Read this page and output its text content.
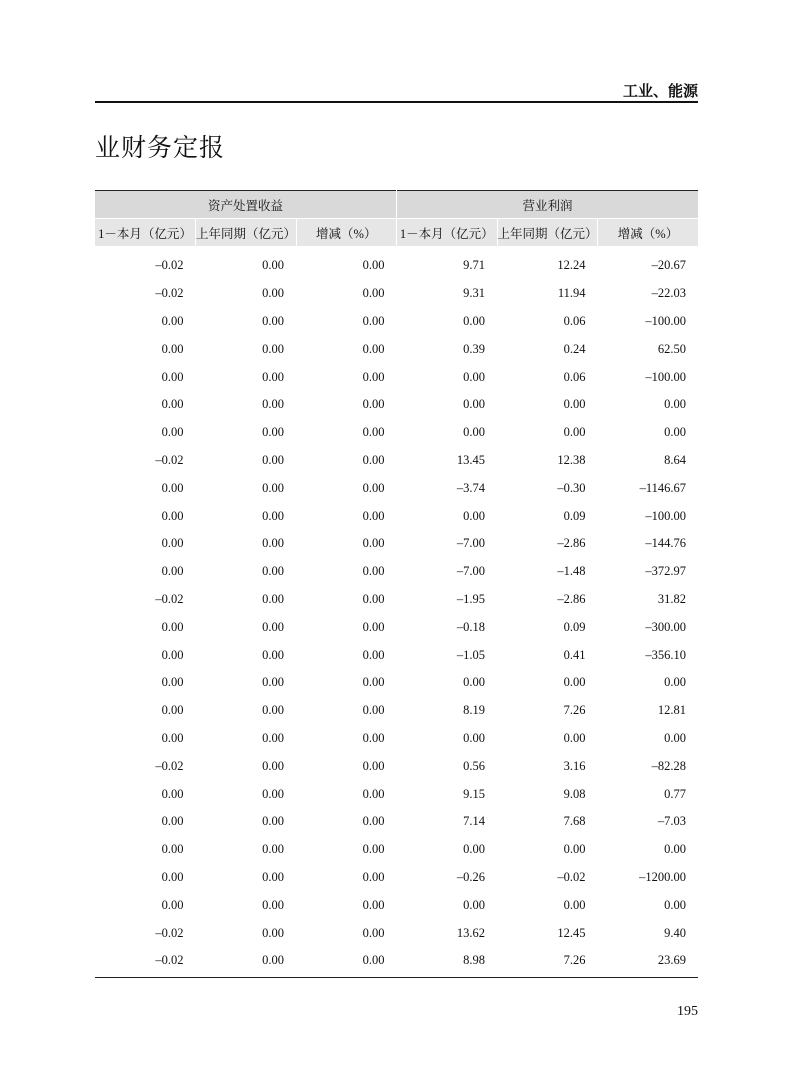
工业、能源
业财务定报
资产处置收益			营业利润		
1－本月（亿元）	上年同期（亿元）	增减（%）	1－本月（亿元）	上年同期（亿元）	增减（%）
–0.02	0.00	0.00	9.71	12.24	–20.67
–0.02	0.00	0.00	9.31	11.94	–22.03
0.00	0.00	0.00	0.00	0.06	–100.00
0.00	0.00	0.00	0.39	0.24	62.50
0.00	0.00	0.00	0.00	0.06	–100.00
0.00	0.00	0.00	0.00	0.00	0.00
0.00	0.00	0.00	0.00	0.00	0.00
–0.02	0.00	0.00	13.45	12.38	8.64
0.00	0.00	0.00	–3.74	–0.30	–1146.67
0.00	0.00	0.00	0.00	0.09	–100.00
0.00	0.00	0.00	–7.00	–2.86	–144.76
0.00	0.00	0.00	–7.00	–1.48	–372.97
–0.02	0.00	0.00	–1.95	–2.86	31.82
0.00	0.00	0.00	–0.18	0.09	–300.00
0.00	0.00	0.00	–1.05	0.41	–356.10
0.00	0.00	0.00	0.00	0.00	0.00
0.00	0.00	0.00	8.19	7.26	12.81
0.00	0.00	0.00	0.00	0.00	0.00
–0.02	0.00	0.00	0.56	3.16	–82.28
0.00	0.00	0.00	9.15	9.08	0.77
0.00	0.00	0.00	7.14	7.68	–7.03
0.00	0.00	0.00	0.00	0.00	0.00
0.00	0.00	0.00	–0.26	–0.02	–1200.00
0.00	0.00	0.00	0.00	0.00	0.00
–0.02	0.00	0.00	13.62	12.45	9.40
–0.02	0.00	0.00	8.98	7.26	23.69
195
